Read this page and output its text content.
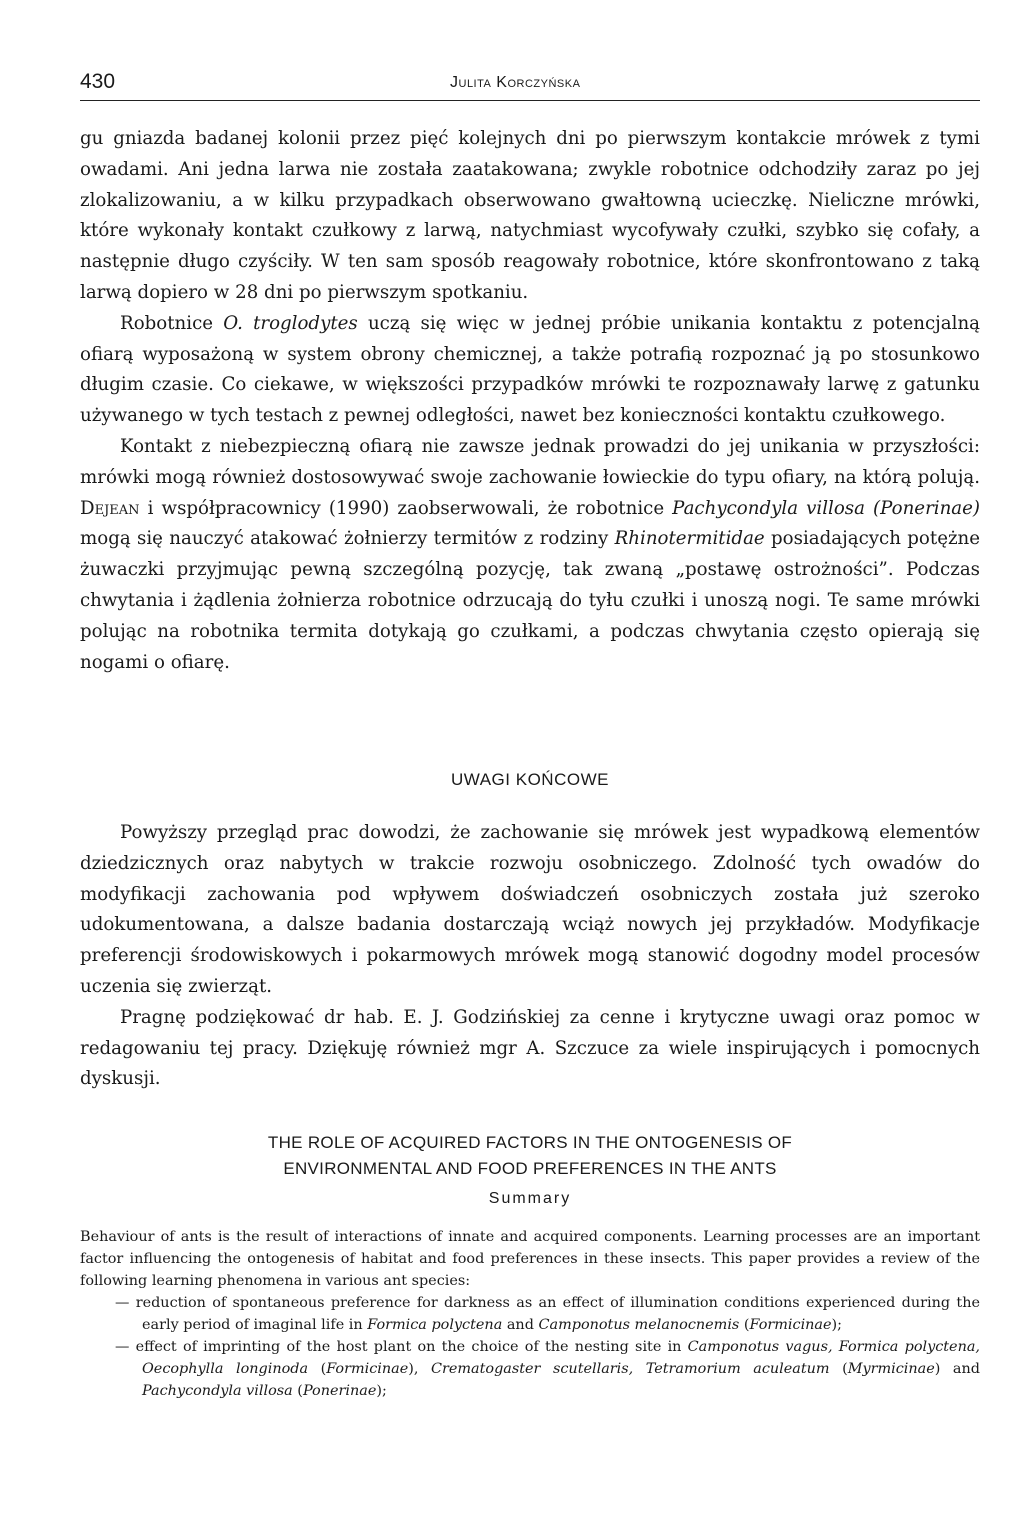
430	Julita Korczyńska

gu gniazda badanej kolonii przez pięć kolejnych dni po pierwszym kontakcie mrówek z tymi owadami. Ani jedna larwa nie została zaatakowana; zwykle robotnice odchodziły zaraz po jej zlokalizowaniu, a w kilku przypadkach obserwowano gwałtowną ucieczkę. Nieliczne mrówki, które wykonały kontakt czułkowy z larwą, natychmiast wycofywały czułki, szybko się cofały, a następnie długo czyściły. W ten sam sposób reagowały robotnice, które skonfrontowano z taką larwą dopiero w 28 dni po pierwszym spotkaniu.

Robotnice O. troglodytes uczą się więc w jednej próbie unikania kontaktu z potencjalną ofiarą wyposażoną w system obrony chemicznej, a także potrafią rozpoznać ją po stosunkowo długim czasie. Co ciekawe, w większości przypadków mrówki te rozpoznawały larwę z gatunku używanego w tych testach z pewnej odległości, nawet bez konieczności kontaktu czułkowego.

Kontakt z niebezpieczną ofiarą nie zawsze jednak prowadzi do jej unikania w przyszłości: mrówki mogą również dostosowywać swoje zachowanie łowieckie do typu ofiary, na którą polują. Dejean i współpracownicy (1990) zaobserwowali, że robotnice Pachycondyla villosa (Ponerinae) mogą się nauczyć atakować żołnierzy termitów z rodziny Rhinotermitidae posiadających potężne żuwaczki przyjmując pewną szczególną pozycję, tak zwaną „postawę ostrożności”. Podczas chwytania i żądlenia żołnierza robotnice odrzucają do tyłu czułki i unoszą nogi. Te same mrówki polując na robotnika termita dotykają go czułkami, a podczas chwytania często opierają się nogami o ofiarę.

UWAGI KOŃCOWE

Powyższy przegląd prac dowodzi, że zachowanie się mrówek jest wypadkową elementów dziedzicznych oraz nabytych w trakcie rozwoju osobniczego. Zdolność tych owadów do modyfikacji zachowania pod wpływem doświadczeń osobniczych została już szeroko udokumentowana, a dalsze badania dostarczają wciąż nowych jej przykładów. Modyfikacje preferencji środowiskowych i pokarmowych mrówek mogą stanowić dogodny model procesów uczenia się zwierząt.

Pragnę podziękować dr hab. E. J. Godzińskiej za cenne i krytyczne uwagi oraz pomoc w redagowaniu tej pracy. Dziękuję również mgr A. Szczuce za wiele inspirujących i pomocnych dyskusji.

THE ROLE OF ACQUIRED FACTORS IN THE ONTOGENESIS OF
ENVIRONMENTAL AND FOOD PREFERENCES IN THE ANTS
Summary

Behaviour of ants is the result of interactions of innate and acquired components. Learning processes are an important factor influencing the ontogenesis of habitat and food preferences in these insects. This paper provides a review of the following learning phenomena in various ant species:

— reduction of spontaneous preference for darkness as an effect of illumination conditions experienced during the early period of imaginal life in Formica polyctena and Camponotus melanocnemis (Formicinae);

— effect of imprinting of the host plant on the choice of the nesting site in Camponotus vagus, Formica polyctena, Oecophylla longinoda (Formicinae), Crematogaster scutellaris, Tetramorium aculeatum (Myrmicinae) and Pachycondyla villosa (Ponerinae);
